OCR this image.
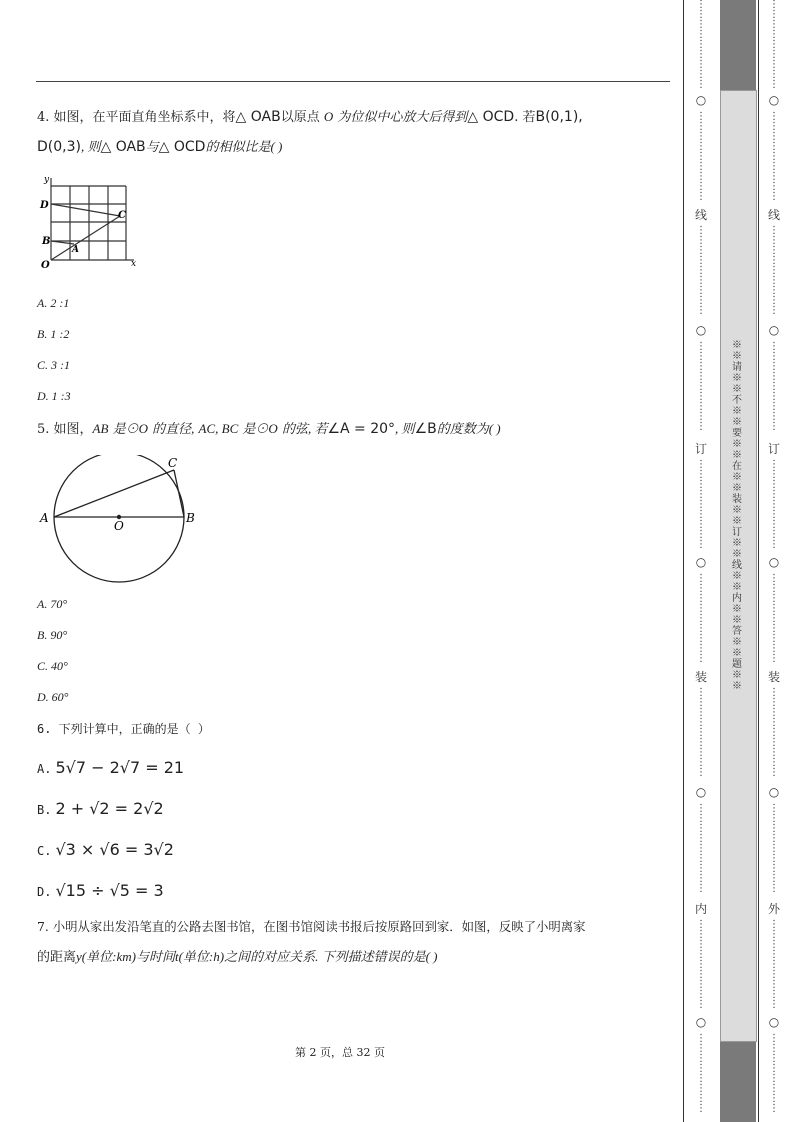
4. 如图，在平面直角坐标系中，将△ OAB以原点 O 为位似中心放大后得到△ OCD. 若B(0,1),
D(0,3), 则△ OAB与△ OCD的相似比是( )
y
x
D
C
B
A
O
A. 2 :1
B. 1 :2
C. 3 :1
D. 1 :3
5. 如图，AB 是⊙O 的直径, AC, BC 是⊙O 的弦, 若∠A = 20°, 则∠B的度数为( )
A	B
C
O
A. 70°
B. 90°
C. 40°
D. 60°
6. 下列计算中，正确的是（ ）
A. 5√7 − 2√7 = 21
B. 2 + √2 = 2√2
C. √3 × √6 = 3√2
D. √15 ÷ √5 = 3
7. 小明从家出发沿笔直的公路去图书馆，在图书馆阅读书报后按原路回到家．如图，反映了小明离家
的距离y(单位:km)与时间t(单位:h)之间的对应关系. 下列描述错误的是( )
第 2 页，总 32 页
※※请※※不※※要※※在※※装※※订※※线※※内※※答※※题※※
⋮
⋮
⋮
⋮
⋮
⋮
⋮
⋮
⋮
○
⋮
⋮
⋮
⋮
⋮
⋮
⋮
⋮
⋮
线
⋮
⋮
⋮
⋮
⋮
⋮
⋮
⋮
⋮
○
⋮
⋮
⋮
⋮
⋮
⋮
⋮
⋮
⋮
订
⋮
⋮
⋮
⋮
⋮
⋮
⋮
⋮
⋮
○
⋮
⋮
⋮
⋮
⋮
⋮
⋮
⋮
⋮
装
⋮
⋮
⋮
⋮
⋮
⋮
⋮
⋮
⋮
○
⋮
⋮
⋮
⋮
⋮
⋮
⋮
⋮
⋮
内
⋮
⋮
⋮
⋮
⋮
⋮
⋮
⋮
⋮
○
⋮
⋮
⋮
⋮
⋮
⋮
⋮
⋮
⋮
⋮
⋮
⋮
⋮
⋮
⋮
⋮
⋮
○
⋮
⋮
⋮
⋮
⋮
⋮
⋮
⋮
⋮
线
⋮
⋮
⋮
⋮
⋮
⋮
⋮
⋮
⋮
○
⋮
⋮
⋮
⋮
⋮
⋮
⋮
⋮
⋮
订
⋮
⋮
⋮
⋮
⋮
⋮
⋮
⋮
⋮
○
⋮
⋮
⋮
⋮
⋮
⋮
⋮
⋮
⋮
装
⋮
⋮
⋮
⋮
⋮
⋮
⋮
⋮
⋮
○
⋮
⋮
⋮
⋮
⋮
⋮
⋮
⋮
⋮
外
⋮
⋮
⋮
⋮
⋮
⋮
⋮
⋮
⋮
○
⋮
⋮
⋮
⋮
⋮
⋮
⋮
⋮
